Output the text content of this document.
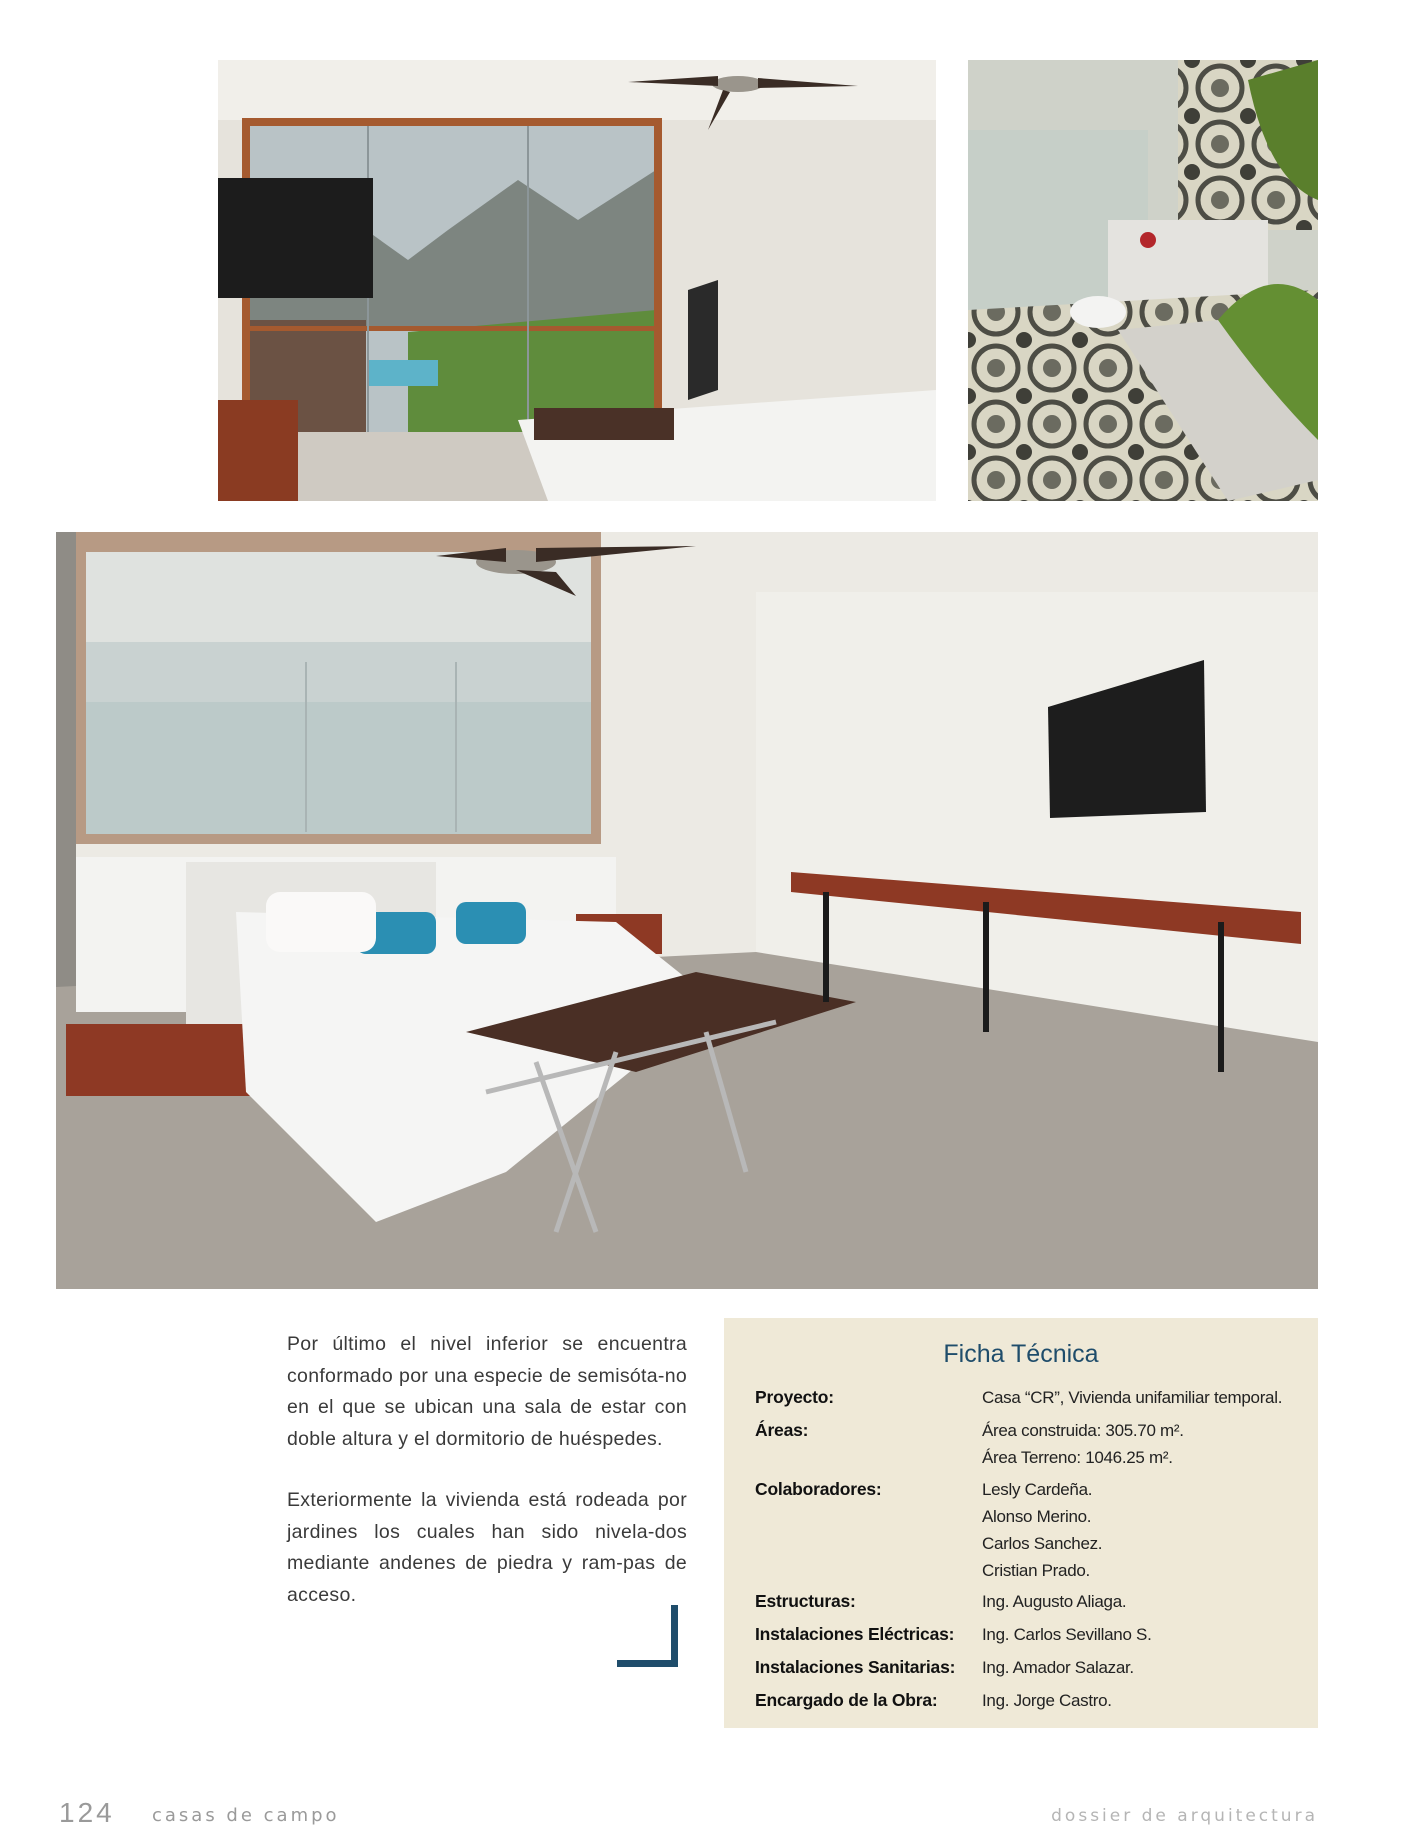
Por último el nivel inferior se encuentra conformado por una especie de semisóta-no en el que se ubican una sala de estar con doble altura y el dormitorio de huéspedes.

Exteriormente la vivienda está rodeada por jardines los cuales han sido nivela-dos mediante andenes de piedra y ram-pas de acceso.

Ficha Técnica
Proyecto:	Casa “CR”, Vivienda unifamiliar temporal.
Áreas:	Área construida: 305.70 m².
Área Terreno: 1046.25 m².
Colaboradores:	Lesly Cardeña.
Alonso Merino.
Carlos Sanchez.
Cristian Prado.
Estructuras:	Ing. Augusto Aliaga.
Instalaciones Eléctricas:	Ing. Carlos Sevillano S.
Instalaciones Sanitarias:	Ing. Amador Salazar.
Encargado de la Obra:	Ing. Jorge Castro.
124 casas de campo	dossier de arquitectura
